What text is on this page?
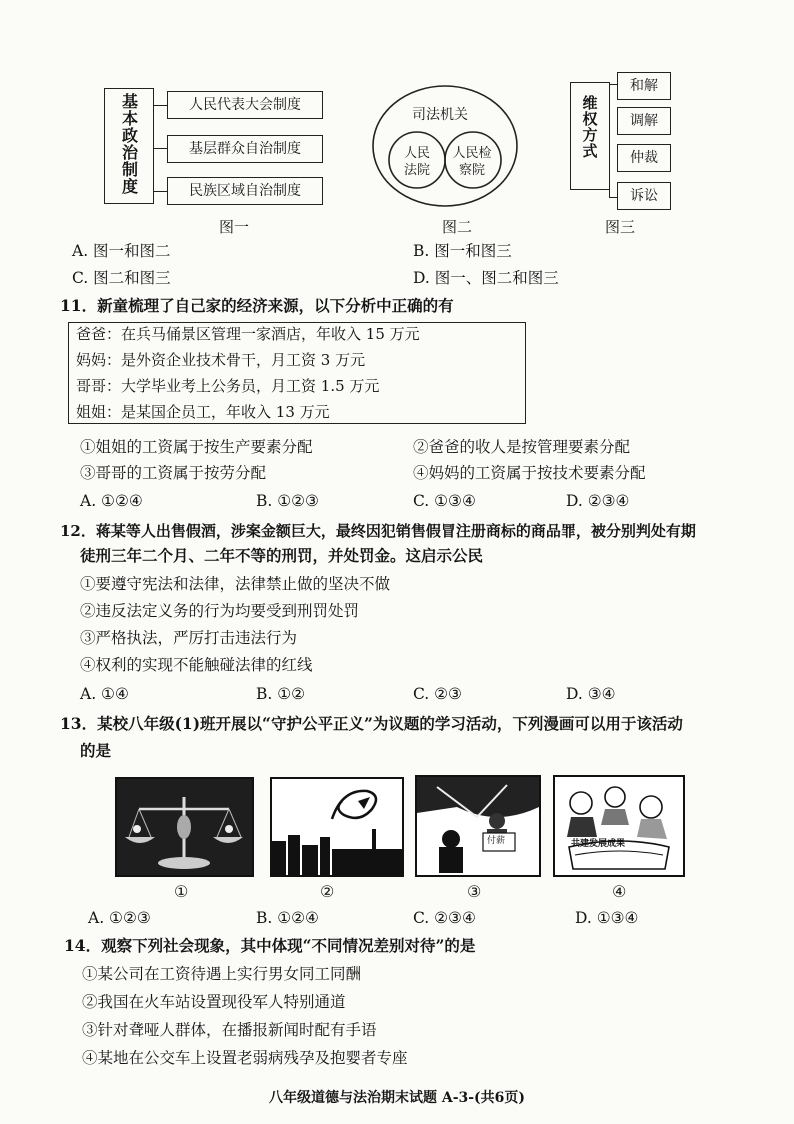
基本政治制度	人民代表大会制度
基层群众自治制度
民族区域自治制度
图一
司法机关
人民法院
人民检察院
图二
维权方式
和解
调解
仲裁
诉讼
图三
A. 图一和图二	B. 图一和图三
C. 图二和图三	D. 图一、图二和图三
11．新童梳理了自己家的经济来源，以下分析中正确的有
爸爸：在兵马俑景区管理一家酒店，年收入 15 万元
妈妈：是外资企业技术骨干，月工资 3 万元
哥哥：大学毕业考上公务员，月工资 1.5 万元
姐姐：是某国企员工，年收入 13 万元
①姐姐的工资属于按生产要素分配	②爸爸的收人是按管理要素分配
③哥哥的工资属于按劳分配	④妈妈的工资属于按技术要素分配
A. ①②④	B. ①②③	C. ①③④	D. ②③④
12．蒋某等人出售假酒，涉案金额巨大，最终因犯销售假冒注册商标的商品罪，被分别判处有期
徒刑三年二个月、二年不等的刑罚，并处罚金。这启示公民
①要遵守宪法和法律，法律禁止做的坚决不做
②违反法定义务的行为均要受到刑罚处罚
③严格执法，严厉打击违法行为
④权利的实现不能触碰法律的红线
A. ①④	B. ①②	C. ②③	D. ③④
13．某校八年级(1)班开展以“守护公平正义”为议题的学习活动，下列漫画可以用于该活动
的是
付薪	共建发展成果
①	②	③	④
A. ①②③	B. ①②④	C. ②③④	D. ①③④
14．观察下列社会现象，其中体现“不同情况差别对待”的是
①某公司在工资待遇上实行男女同工同酬
②我国在火车站设置现役军人特别通道
③针对聋哑人群体，在播报新闻时配有手语
④某地在公交车上设置老弱病残孕及抱婴者专座
八年级道德与法治期末试题 A-3-(共6页)
